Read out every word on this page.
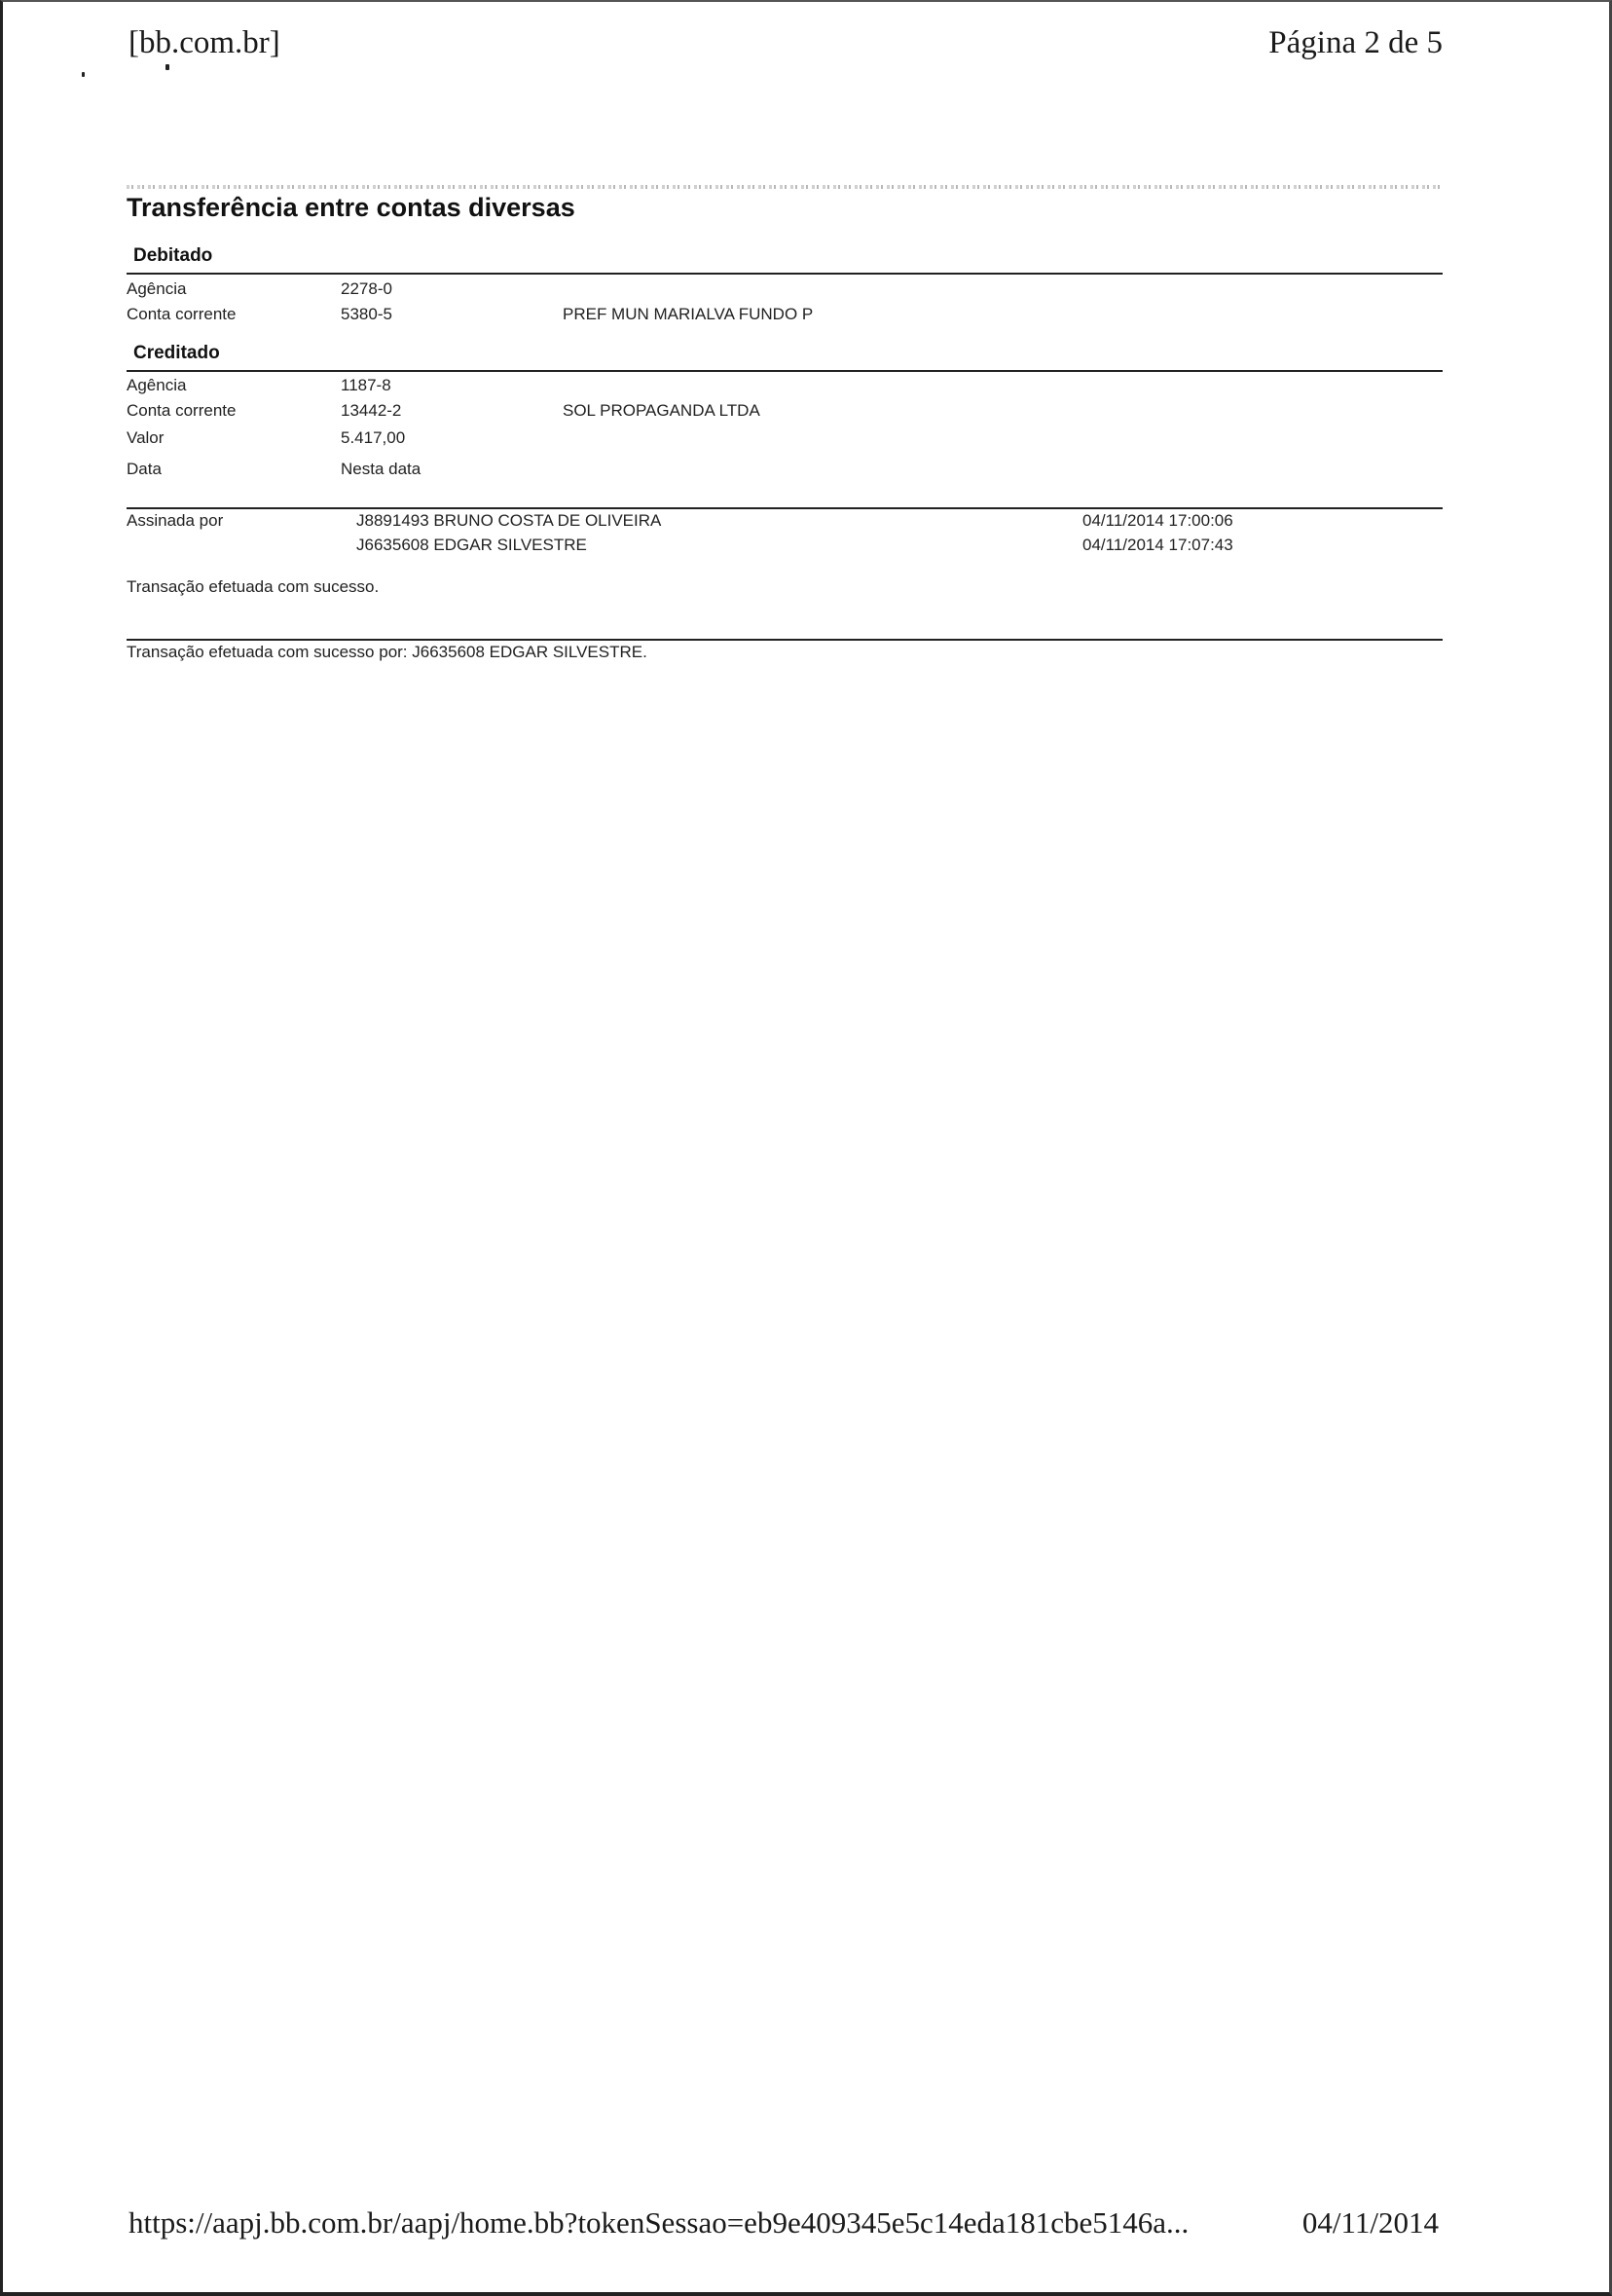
[bb.com.br]	Página 2 de 5
Transferência entre contas diversas
Debitado
Agência	2278-0
Conta corrente	5380-5	PREF MUN MARIALVA FUNDO P
Creditado
Agência	1187-8
Conta corrente	13442-2	SOL PROPAGANDA LTDA
Valor	5.417,00
Data	Nesta data
Assinada por	J8891493 BRUNO COSTA DE OLIVEIRA	04/11/2014 17:00:06
J6635608 EDGAR SILVESTRE	04/11/2014 17:07:43
Transação efetuada com sucesso.
Transação efetuada com sucesso por: J6635608 EDGAR SILVESTRE.
https://aapj.bb.com.br/aapj/home.bb?tokenSessao=eb9e409345e5c14eda181cbe5146a...	04/11/2014
